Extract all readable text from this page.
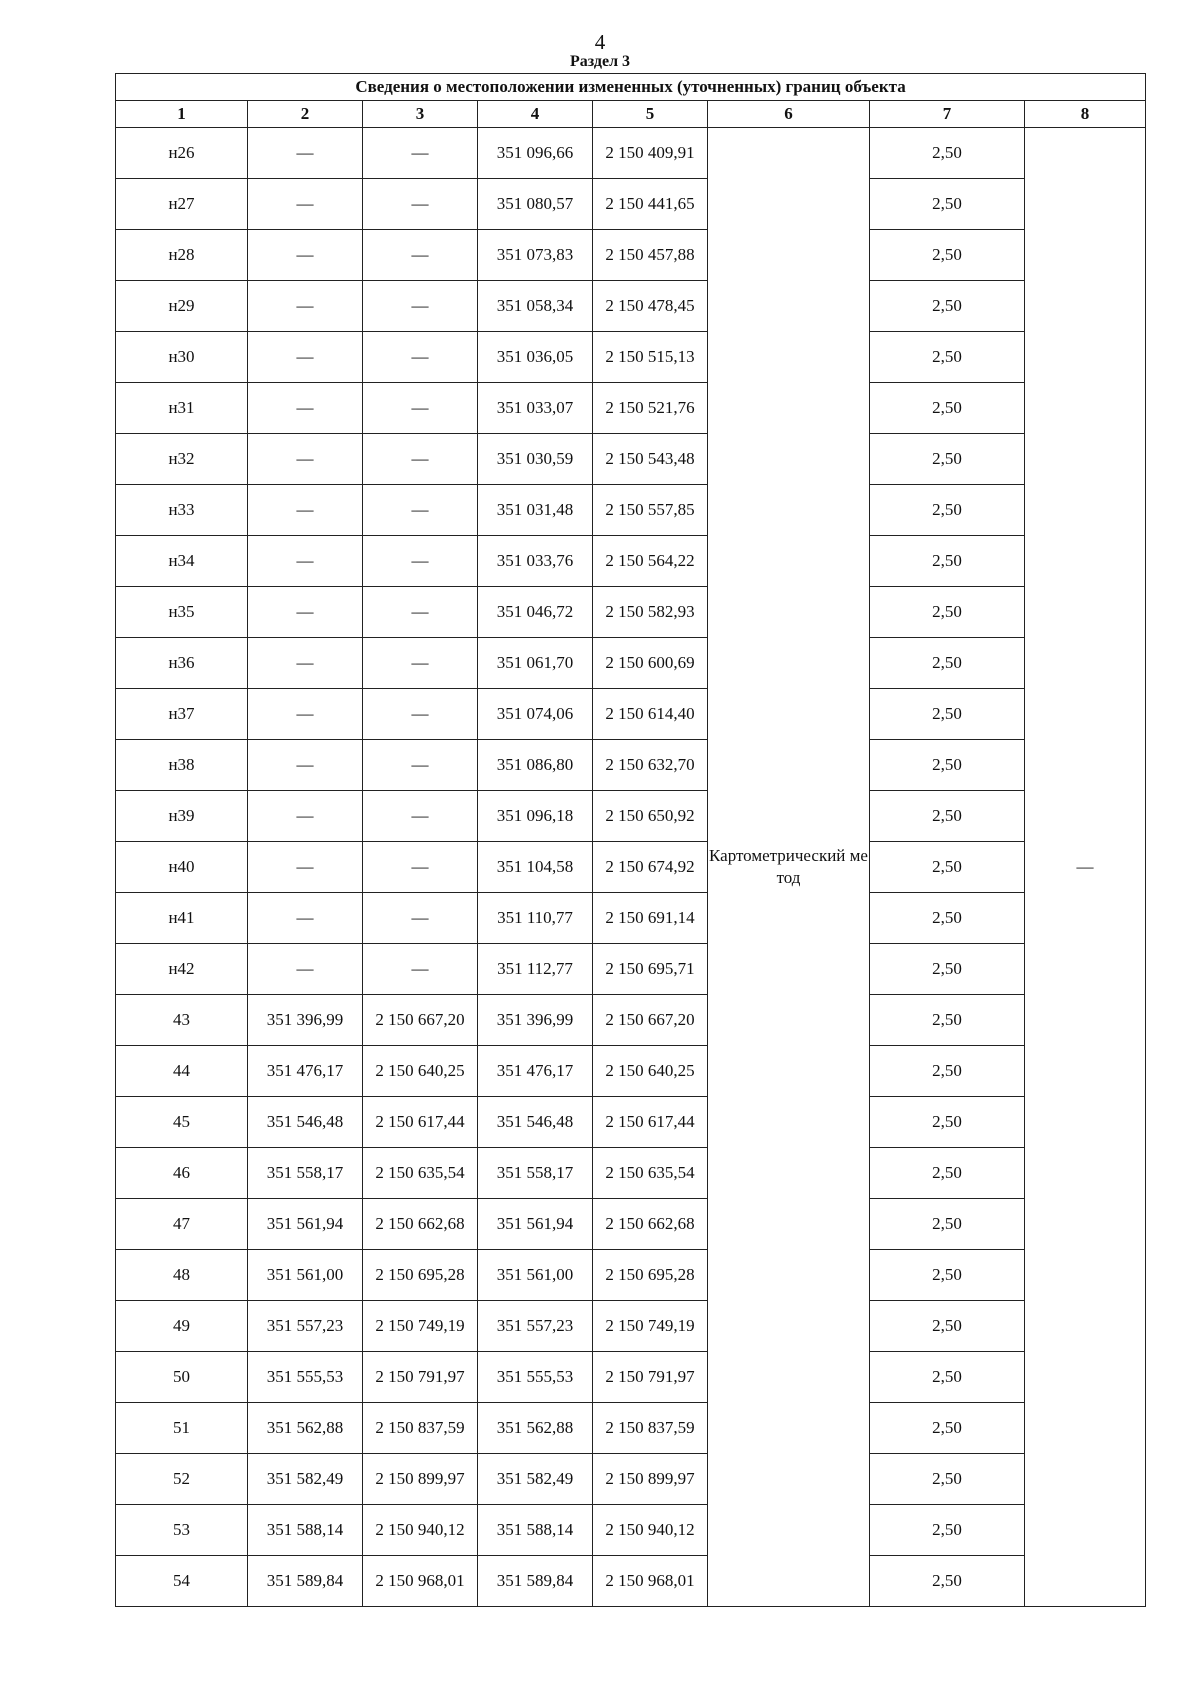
4
Раздел 3
Сведения о местоположении измененных (уточненных) границ объекта							
1	2	3	4	5	6	7	8
н26	—	—	351 096,66	2 150 409,91	Картометрический метод	2,50	—
н27	—	—	351 080,57	2 150 441,65		2,50	
н28	—	—	351 073,83	2 150 457,88		2,50	
н29	—	—	351 058,34	2 150 478,45		2,50	
н30	—	—	351 036,05	2 150 515,13		2,50	
н31	—	—	351 033,07	2 150 521,76		2,50	
н32	—	—	351 030,59	2 150 543,48		2,50	
н33	—	—	351 031,48	2 150 557,85		2,50	
н34	—	—	351 033,76	2 150 564,22		2,50	
н35	—	—	351 046,72	2 150 582,93		2,50	
н36	—	—	351 061,70	2 150 600,69		2,50	
н37	—	—	351 074,06	2 150 614,40		2,50	
н38	—	—	351 086,80	2 150 632,70		2,50	
н39	—	—	351 096,18	2 150 650,92		2,50	
н40	—	—	351 104,58	2 150 674,92		2,50	
н41	—	—	351 110,77	2 150 691,14		2,50	
н42	—	—	351 112,77	2 150 695,71		2,50	
43	351 396,99	2 150 667,20	351 396,99	2 150 667,20		2,50	
44	351 476,17	2 150 640,25	351 476,17	2 150 640,25		2,50	
45	351 546,48	2 150 617,44	351 546,48	2 150 617,44		2,50	
46	351 558,17	2 150 635,54	351 558,17	2 150 635,54		2,50	
47	351 561,94	2 150 662,68	351 561,94	2 150 662,68		2,50	
48	351 561,00	2 150 695,28	351 561,00	2 150 695,28		2,50	
49	351 557,23	2 150 749,19	351 557,23	2 150 749,19		2,50	
50	351 555,53	2 150 791,97	351 555,53	2 150 791,97		2,50	
51	351 562,88	2 150 837,59	351 562,88	2 150 837,59		2,50	
52	351 582,49	2 150 899,97	351 582,49	2 150 899,97		2,50	
53	351 588,14	2 150 940,12	351 588,14	2 150 940,12		2,50	
54	351 589,84	2 150 968,01	351 589,84	2 150 968,01		2,50	
